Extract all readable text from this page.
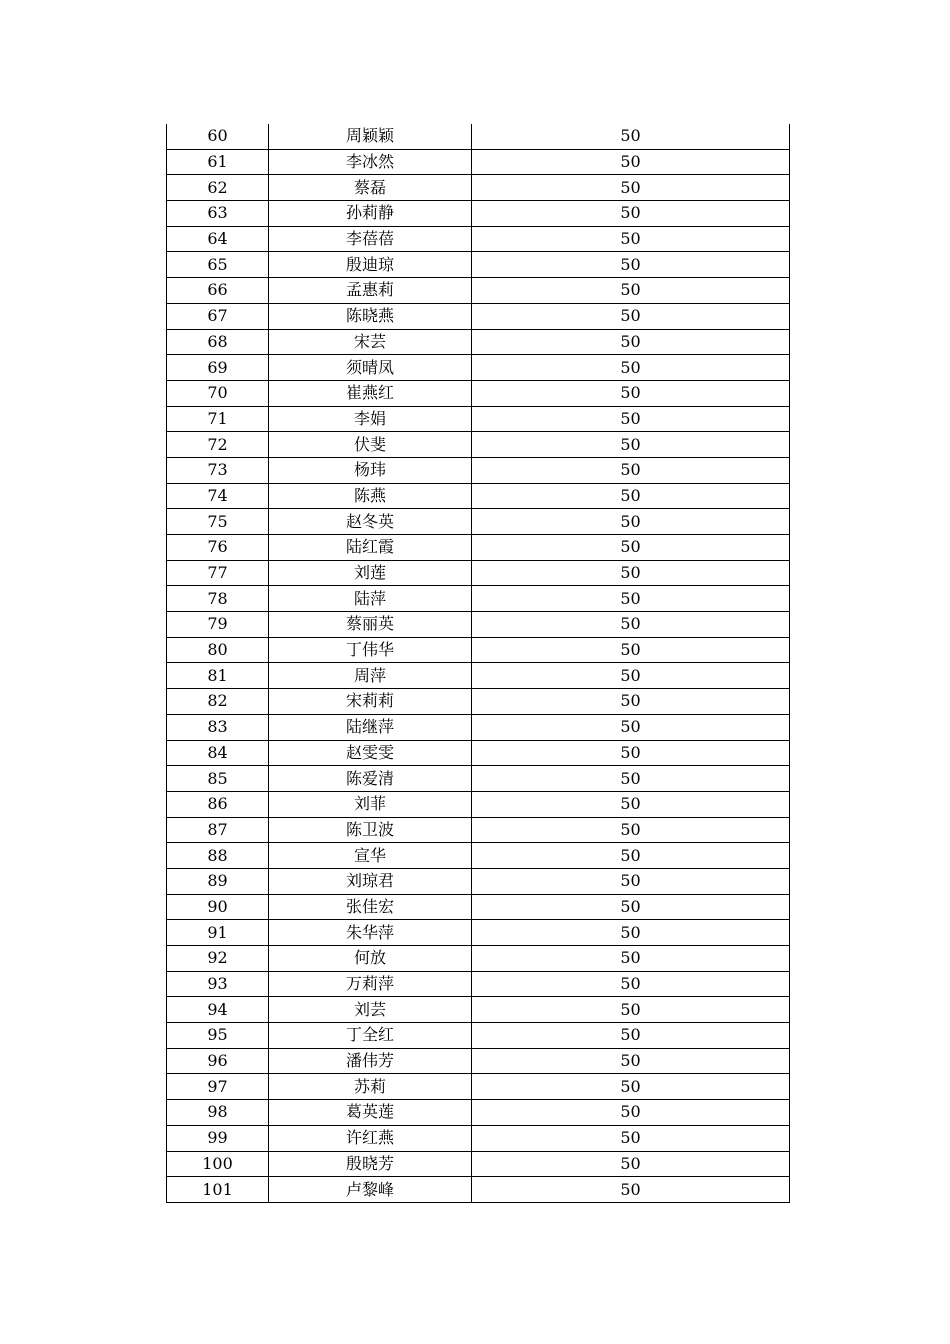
60	周颖颖	50
61	李冰然	50
62	蔡磊	50
63	孙莉静	50
64	李蓓蓓	50
65	殷迪琼	50
66	孟惠莉	50
67	陈晓燕	50
68	宋芸	50
69	须晴凤	50
70	崔燕红	50
71	李娟	50
72	伏斐	50
73	杨玮	50
74	陈燕	50
75	赵冬英	50
76	陆红霞	50
77	刘莲	50
78	陆萍	50
79	蔡丽英	50
80	丁伟华	50
81	周萍	50
82	宋莉莉	50
83	陆继萍	50
84	赵雯雯	50
85	陈爱清	50
86	刘菲	50
87	陈卫波	50
88	宣华	50
89	刘琼君	50
90	张佳宏	50
91	朱华萍	50
92	何放	50
93	万莉萍	50
94	刘芸	50
95	丁全红	50
96	潘伟芳	50
97	苏莉	50
98	葛英莲	50
99	许红燕	50
100	殷晓芳	50
101	卢黎峰	50
